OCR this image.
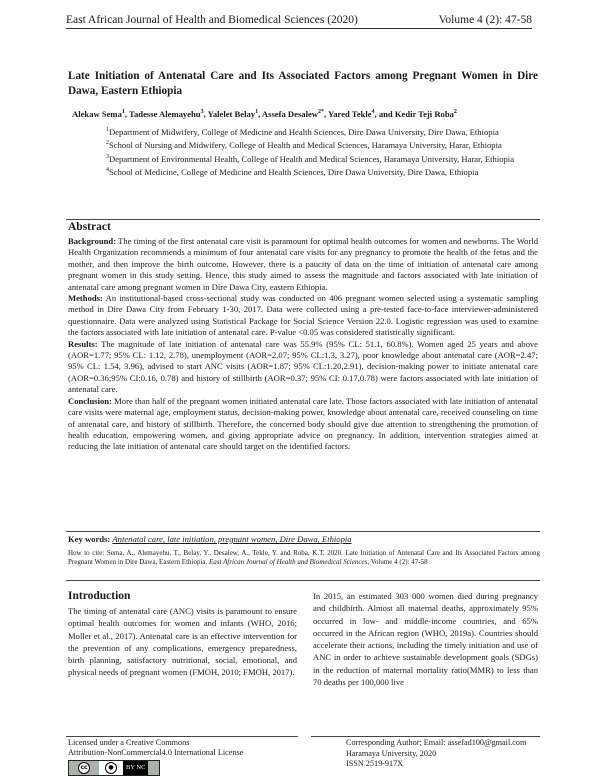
East African Journal of Health and Biomedical Sciences (2020)	Volume 4 (2): 47-58
Late Initiation of Antenatal Care and Its Associated Factors among Pregnant Women in Dire Dawa, Eastern Ethiopia
Alekaw Sema$^1$, Tadesse Alemayehu$^3$, Yalelet Belay$^1$, Assefa Desalew$^{2*}$, Yared Tekle$^4$, and Kedir Teji Roba$^2$
$^1$Department of Midwifery, College of Medicine and Health Sciences, Dire Dawa University, Dire Dawa, Ethiopia
$^2$School of Nursing and Midwifery, College of Health and Medical Sciences, Haramaya University, Harar, Ethiopia
$^3$Department of Environmental Health, College of Health and Medical Sciences, Haramaya University, Harar, Ethiopia
$^4$School of Medicine, College of Medicine and Health Sciences, Dire Dawa University, Dire Dawa, Ethiopia
Abstract

Background: The timing of the first antenatal care visit is paramount for optimal health outcomes for women and newborns. The World Health Organization recommends a minimum of four antenatal care visits for any pregnancy to promote the health of the fetus and the mother, and then improve the birth outcome. However, there is a paucity of data on the time of initiation of antenatal care among pregnant women in this study setting. Hence, this study aimed to assess the magnitude and factors associated with late initiation of antenatal care among pregnant women in Dire Dawa City, eastern Ethiopia.

Methods: An institutional-based cross-sectional study was conducted on 406 pregnant women selected using a systematic sampling method in Dire Dawa City from February 1-30, 2017. Data were collected using a pre-tested face-to-face interviewer-administered questionnaire. Data were analyzed using Statistical Package for Social Science Version 22.0. Logistic regression was used to examine the factors associated with late initiation of antenatal care. P-value <0.05 was considered statistically significant.

Results: The magnitude of late initiation of antenatal care was 55.9% (95% CL: 51.1, 60.8%). Women aged 25 years and above (AOR=1.77; 95% CL: 1.12, 2.78), unemployment (AOR=2.07; 95% CL:1.3, 3.27), poor knowledge about antenatal care (AOR=2.47; 95% CL: 1.54, 3.96), advised to start ANC visits (AOR=1.87; 95% CL:1.20,2.91), decision-making power to initiate antenatal care (AOR=0.36;95% CI:0.16, 0.78) and history of stillbirth (AOR=0.37; 95% CI: 0.17,0.78) were factors associated with late initiation of antenatal care.

Conclusion: More than half of the pregnant women initiated antenatal care late. Those factors associated with late initiation of antenatal care visits were maternal age, employment status, decision-making power, knowledge about antenatal care, received counseling on time of antenatal care, and history of stillbirth. Therefore, the concerned body should give due attention to strengthening the promotion of health education, empowering women, and giving appropriate advice on pregnancy. In addition, intervention strategies aimed at reducing the late initiation of antenatal care should target on the identified factors.

Key words: Antenatal care, late initiation, pregnant women, Dire Dawa, Ethiopia
How to cite: Sema, A., Alemayehu, T., Belay, Y., Desalew, A., Tekle, Y. and Roba, K.T. 2020. Late Initiation of Antenatal Care and Its Associated Factors among Pregnant Women in Dire Dawa, Eastern Ethiopia. East African Journal of Health and Biomedical Sciences, Volume 4 (2): 47-58
Introduction
The timing of antenatal care (ANC) visits is paramount to ensure optimal health outcomes for women and infants (WHO, 2016; Moller et al., 2017). Antenatal care is an effective intervention for the prevention of any complications, emergency preparedness, birth planning, satisfactory nutritional, social, emotional, and physical needs of pregnant women (FMOH, 2010; FMOH, 2017).
In 2015, an estimated 303 000 women died during pregnancy and childbirth. Almost all maternal deaths, approximately 95% occurred in low- and middle-income countries, and 65% occurred in the African region (WHO, 2019a). Countries should accelerate their actions, including the timely initiation and use of ANC in order to achieve sustainable development goals (SDGs) in the reduction of maternal mortality ratio(MMR) to less than 70 deaths per 100,000 live
Licensed under a Creative Commons
Attribution-NonCommercial4.0 International License
cc	●	BY NC
Corresponding Author; Email: assefad100@gmail.com
Haramaya University, 2020
ISSN 2519-917X
